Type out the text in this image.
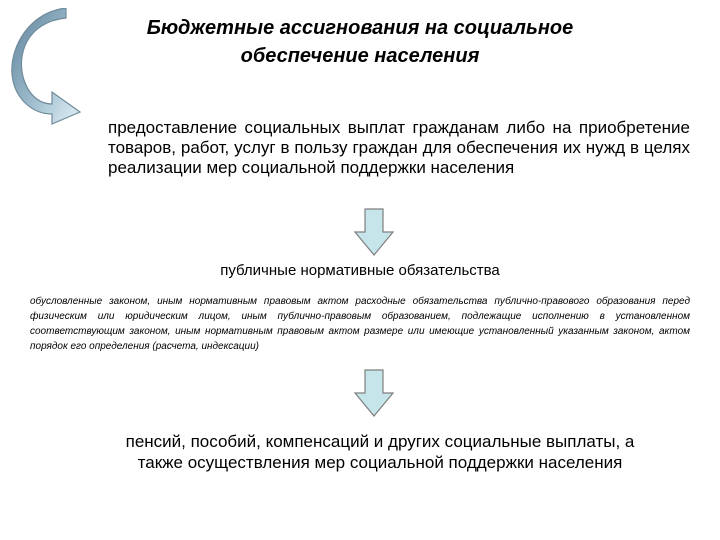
Бюджетные ассигнования на социальное
обеспечение населения
предоставление социальных выплат гражданам либо на приобретение товаров, работ, услуг в пользу граждан для обеспечения их нужд в целях реализации мер социальной поддержки населения
публичные нормативные обязательства
обусловленные законом, иным нормативным правовым актом расходные обязательства публично-правового образования перед физическим или юридическим лицом, иным публично-правовым образованием, подлежащие исполнению в установленном соответствующим законом, иным нормативным правовым актом размере или имеющие установленный указанным законом, актом порядок его определения (расчета, индексации)
пенсий, пособий, компенсаций и других социальные выплаты, а
также осуществления мер социальной поддержки населения
